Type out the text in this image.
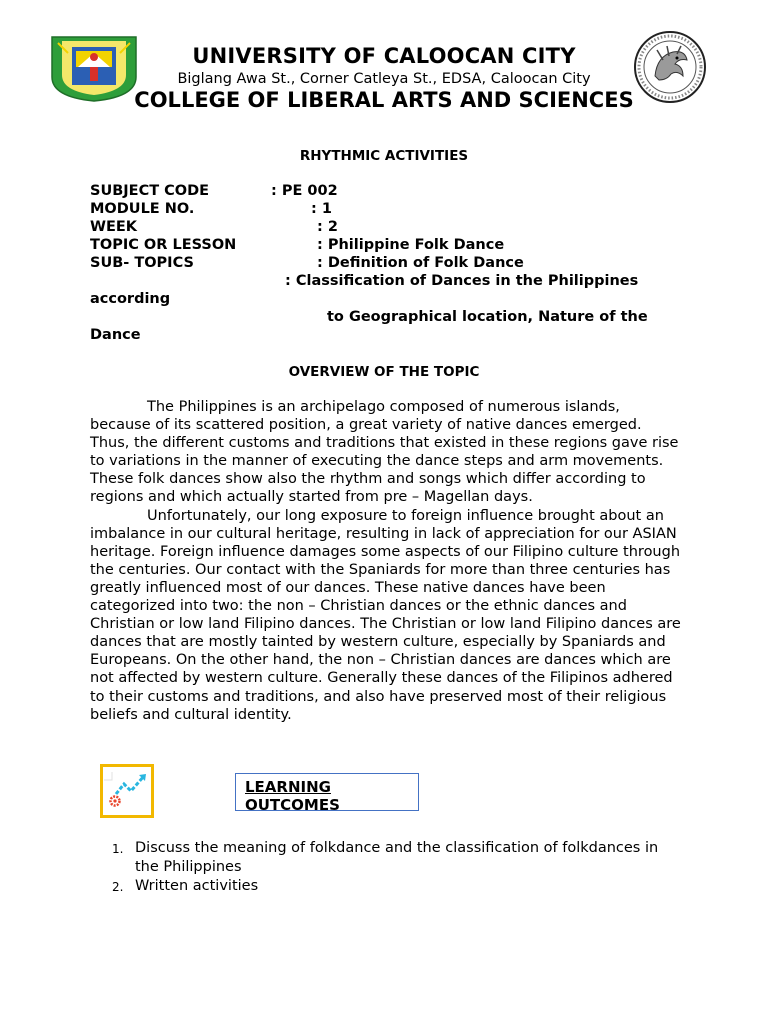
UNIVERSITY OF CALOOCAN CITY
Biglang Awa St., Corner Catleya St., EDSA, Caloocan City
COLLEGE OF LIBERAL ARTS AND SCIENCES
RHYTHMIC ACTIVITIES
SUBJECT CODE	: PE 002
MODULE NO.	: 1
WEEK	: 2
TOPIC OR LESSON	: Philippine Folk Dance
SUB- TOPICS	: Definition of Folk Dance
: Classification of Dances in the Philippines
according
to Geographical location, Nature of the
Dance
OVERVIEW OF THE TOPIC

The Philippines is an archipelago composed of numerous islands, because of its scattered position, a great variety of native dances emerged. Thus, the different customs and traditions that existed in these regions gave rise to variations in the manner of executing the dance steps and arm movements. These folk dances show also the rhythm and songs which differ according to regions and which actually started from pre – Magellan days.

Unfortunately, our long exposure to foreign influence brought about an imbalance in our cultural heritage, resulting in lack of appreciation for our ASIAN heritage. Foreign influence damages some aspects of our Filipino culture through the centuries. Our contact with the Spaniards for more than three centuries has greatly influenced most of our dances. These native dances have been categorized into two: the non – Christian dances or the ethnic dances and Christian or low land Filipino dances. The Christian or low land Filipino dances are dances that are mostly tainted by western culture, especially by Spaniards and Europeans. On the other hand, the non – Christian dances are dances which are not affected by western culture. Generally these dances of the Filipinos adhered to their customs and traditions, and also have preserved most of their religious beliefs and cultural identity.

LEARNING OUTCOMES
1. Discuss the meaning of folkdance and the classification of folkdances in the Philippines
2. Written activities
